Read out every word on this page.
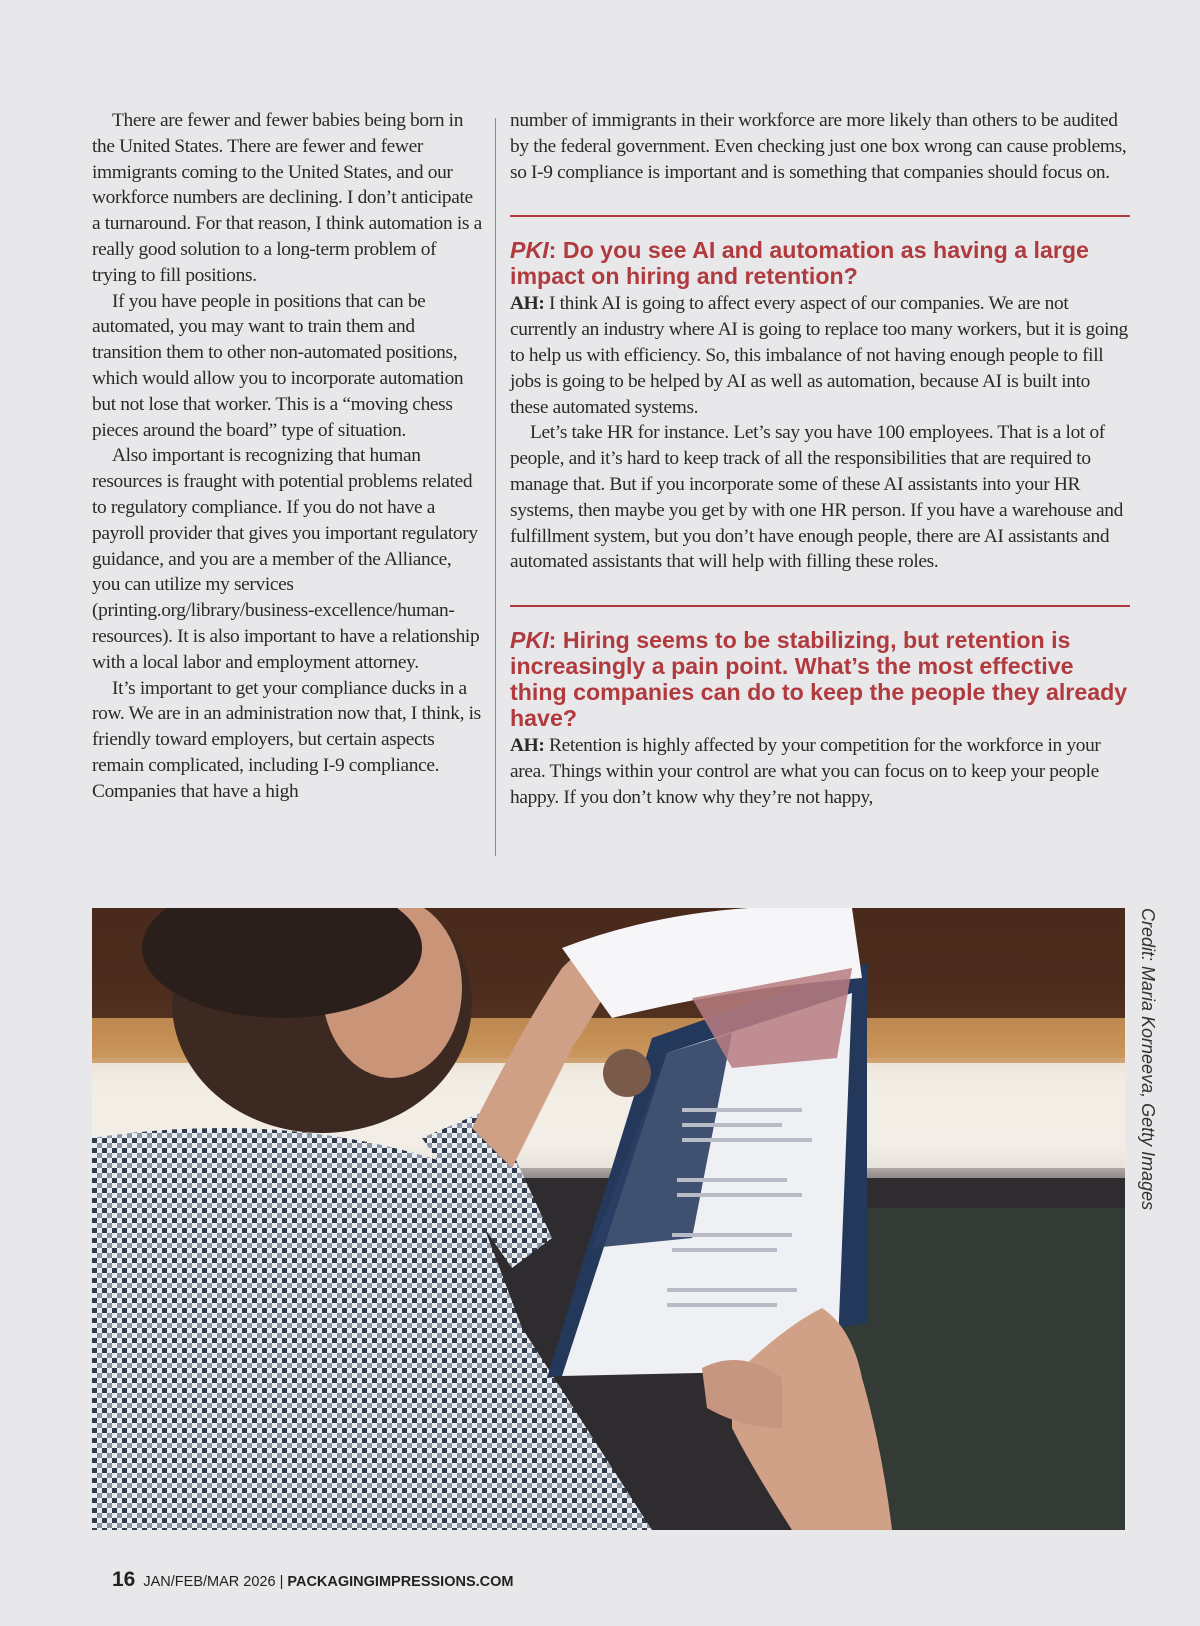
There are fewer and fewer babies being born in the United States. There are fewer and fewer immigrants coming to the United States, and our workforce numbers are declining. I don’t anticipate a turnaround. For that reason, I think automation is a really good solution to a long-term problem of trying to fill positions.

If you have people in positions that can be automated, you may want to train them and transition them to other non-automated positions, which would allow you to incorporate automation but not lose that worker. This is a “moving chess pieces around the board” type of situation.

Also important is recognizing that human resources is fraught with potential problems related to regulatory compliance. If you do not have a payroll provider that gives you important regulatory guidance, and you are a member of the Alliance, you can utilize my services (printing.org/library/business-excellence/human-resources). It is also important to have a relationship with a local labor and employment attorney.

It’s important to get your compliance ducks in a row. We are in an administration now that, I think, is friendly toward employers, but certain aspects remain complicated, including I-9 compliance. Companies that have a high

number of immigrants in their workforce are more likely than others to be audited by the federal government. Even checking just one box wrong can cause problems, so I-9 compliance is important and is something that companies should focus on.

PKI: Do you see AI and automation as having a large impact on hiring and retention?

AH: I think AI is going to affect every aspect of our companies. We are not currently an industry where AI is going to replace too many workers, but it is going to help us with efficiency. So, this imbalance of not having enough people to fill jobs is going to be helped by AI as well as automation, because AI is built into these automated systems.

Let’s take HR for instance. Let’s say you have 100 employees. That is a lot of people, and it’s hard to keep track of all the responsibilities that are required to manage that. But if you incorporate some of these AI assistants into your HR systems, then maybe you get by with one HR person. If you have a warehouse and fulfillment system, but you don’t have enough people, there are AI assistants and automated assistants that will help with filling these roles.

PKI: Hiring seems to be stabilizing, but retention is increasingly a pain point. What’s the most effective thing companies can do to keep the people they already have?

AH: Retention is highly affected by your competition for the workforce in your area. Things within your control are what you can focus on to keep your people happy. If you don’t know why they’re not happy,

Credit: Maria Korneeva, Getty Images
16 JAN/FEB/MAR 2026 | PACKAGINGIMPRESSIONS.COM
